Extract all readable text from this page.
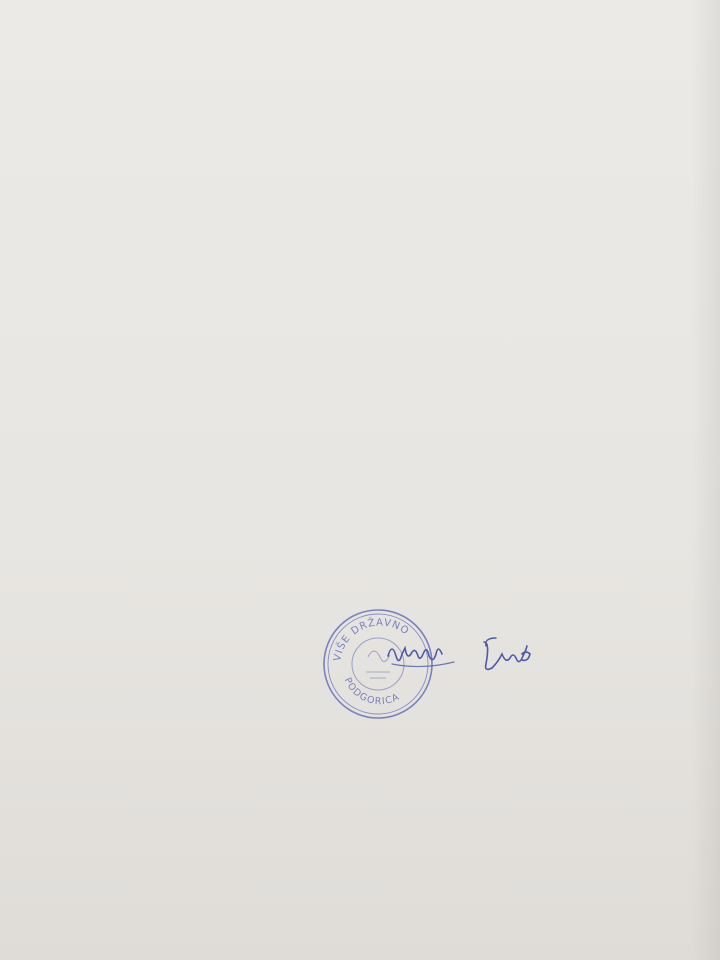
VIŠE DRŽAVNO
PODGORICA
